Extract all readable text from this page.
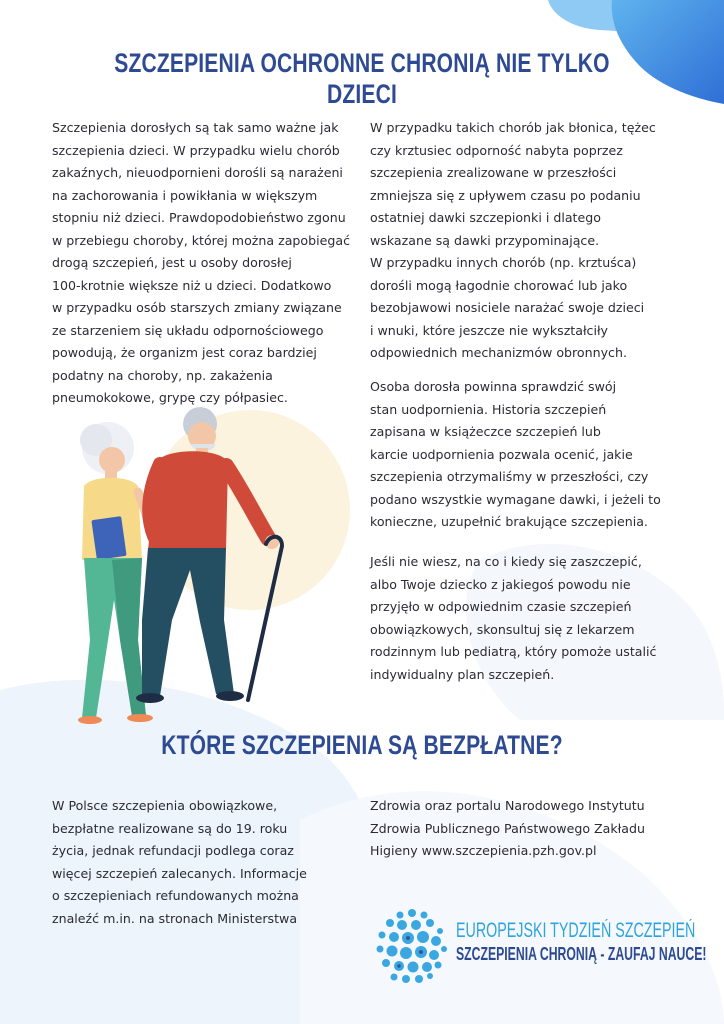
SZCZEPIENIA OCHRONNE CHRONIĄ NIE TYLKO DZIECI

Szczepienia dorosłych są tak samo ważne jak
szczepienia dzieci. W przypadku wielu chorób
zakaźnych, nieuodpornieni dorośli są narażeni
na zachorowania i powikłania w większym
stopniu niż dzieci. Prawdopodobieństwo zgonu
w przebiegu choroby, której można zapobiegać
drogą szczepień, jest u osoby dorosłej
100-krotnie większe niż u dzieci. Dodatkowo
w przypadku osób starszych zmiany związane
ze starzeniem się układu odpornościowego
powodują, że organizm jest coraz bardziej
podatny na choroby, np. zakażenia
pneumokokowe, grypę czy półpasiec.

W przypadku takich chorób jak błonica, tężec
czy krztusiec odporność nabyta poprzez
szczepienia zrealizowane w przeszłości
zmniejsza się z upływem czasu po podaniu
ostatniej dawki szczepionki i dlatego
wskazane są dawki przypominające.
W przypadku innych chorób (np. krztuśca)
dorośli mogą łagodnie chorować lub jako
bezobjawowi nosiciele narażać swoje dzieci
i wnuki, które jeszcze nie wykształciły
odpowiednich mechanizmów obronnych.

Osoba dorosła powinna sprawdzić swój
stan uodpornienia. Historia szczepień
zapisana w książeczce szczepień lub
karcie uodpornienia pozwala ocenić, jakie
szczepienia otrzymaliśmy w przeszłości, czy
podano wszystkie wymagane dawki, i jeżeli to
konieczne, uzupełnić brakujące szczepienia.

Jeśli nie wiesz, na co i kiedy się zaszczepić,
albo Twoje dziecko z jakiegoś powodu nie
przyjęło w odpowiednim czasie szczepień
obowiązkowych, skonsultuj się z lekarzem
rodzinnym lub pediatrą, który pomoże ustalić
indywidualny plan szczepień.

KTÓRE SZCZEPIENIA SĄ BEZPŁATNE?

W Polsce szczepienia obowiązkowe,
bezpłatne realizowane są do 19. roku
życia, jednak refundacji podlega coraz
więcej szczepień zalecanych. Informacje
o szczepieniach refundowanych można
znaleźć m.in. na stronach Ministerstwa

Zdrowia oraz portalu Narodowego Instytutu
Zdrowia Publicznego Państwowego Zakładu
Higieny www.szczepienia.pzh.gov.pl

EUROPEJSKI TYDZIEŃ SZCZEPIEŃ

SZCZEPIENIA CHRONIĄ - ZAUFAJ NAUCE!
